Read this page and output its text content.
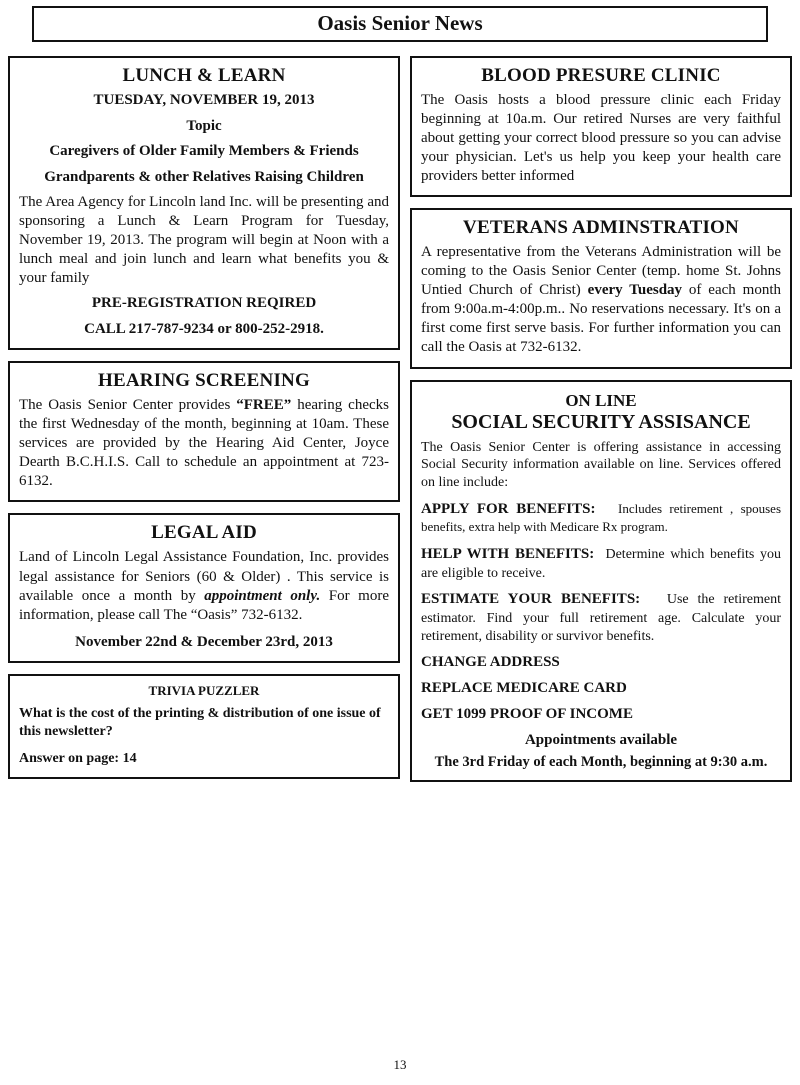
Oasis Senior News
LUNCH & LEARN
TUESDAY, NOVEMBER 19, 2013
Topic
Caregivers of Older Family Members & Friends
Grandparents & other Relatives Raising Children

The Area Agency for Lincoln land Inc. will be presenting and sponsoring a Lunch & Learn Program for Tuesday, November 19, 2013. The program will begin at Noon with a lunch meal and join lunch and learn what benefits you & your family

PRE-REGISTRATION REQIRED
CALL 217-787-9234 or 800-252-2918.
HEARING SCREENING

The Oasis Senior Center provides “FREE” hearing checks the first Wednesday of the month, beginning at 10am. These services are provided by the Hearing Aid Center, Joyce Dearth B.C.H.I.S. Call to schedule an appointment at 723-6132.

LEGAL AID

Land of Lincoln Legal Assistance Foundation, Inc. provides legal assistance for Seniors (60 & Older) . This service is available once a month by appointment only. For more information, please call The “Oasis” 732-6132.

November 22nd & December 23rd, 2013
TRIVIA PUZZLER

What is the cost of the printing & distribution of one issue of this newsletter?

Answer on page: 14

BLOOD PRESURE CLINIC

The Oasis hosts a blood pressure clinic each Friday beginning at 10a.m. Our retired Nurses are very faithful about getting your correct blood pressure so you can advise your physician. Let's us help you keep your health care providers better informed

VETERANS ADMINSTRATION

A representative from the Veterans Administration will be coming to the Oasis Senior Center (temp. home St. Johns Untied Church of Christ) every Tuesday of each month from 9:00a.m-4:00p.m.. No reservations necessary. It's on a first come first serve basis. For further information you can call the Oasis at 732-6132.

ON LINE
SOCIAL SECURITY ASSISANCE

The Oasis Senior Center is offering assistance in accessing Social Security information available on line. Services offered on line include:

APPLY FOR BENEFITS: Includes retirement , spouses benefits, extra help with Medicare Rx program.

HELP WITH BENEFITS: Determine which benefits you are eligible to receive.

ESTIMATE YOUR BENEFITS: Use the retirement estimator. Find your full retirement age. Calculate your retirement, disability or survivor benefits.

CHANGE ADDRESS
REPLACE MEDICARE CARD
GET 1099 PROOF OF INCOME
Appointments available
The 3rd Friday of each Month, beginning at 9:30 a.m.
13
